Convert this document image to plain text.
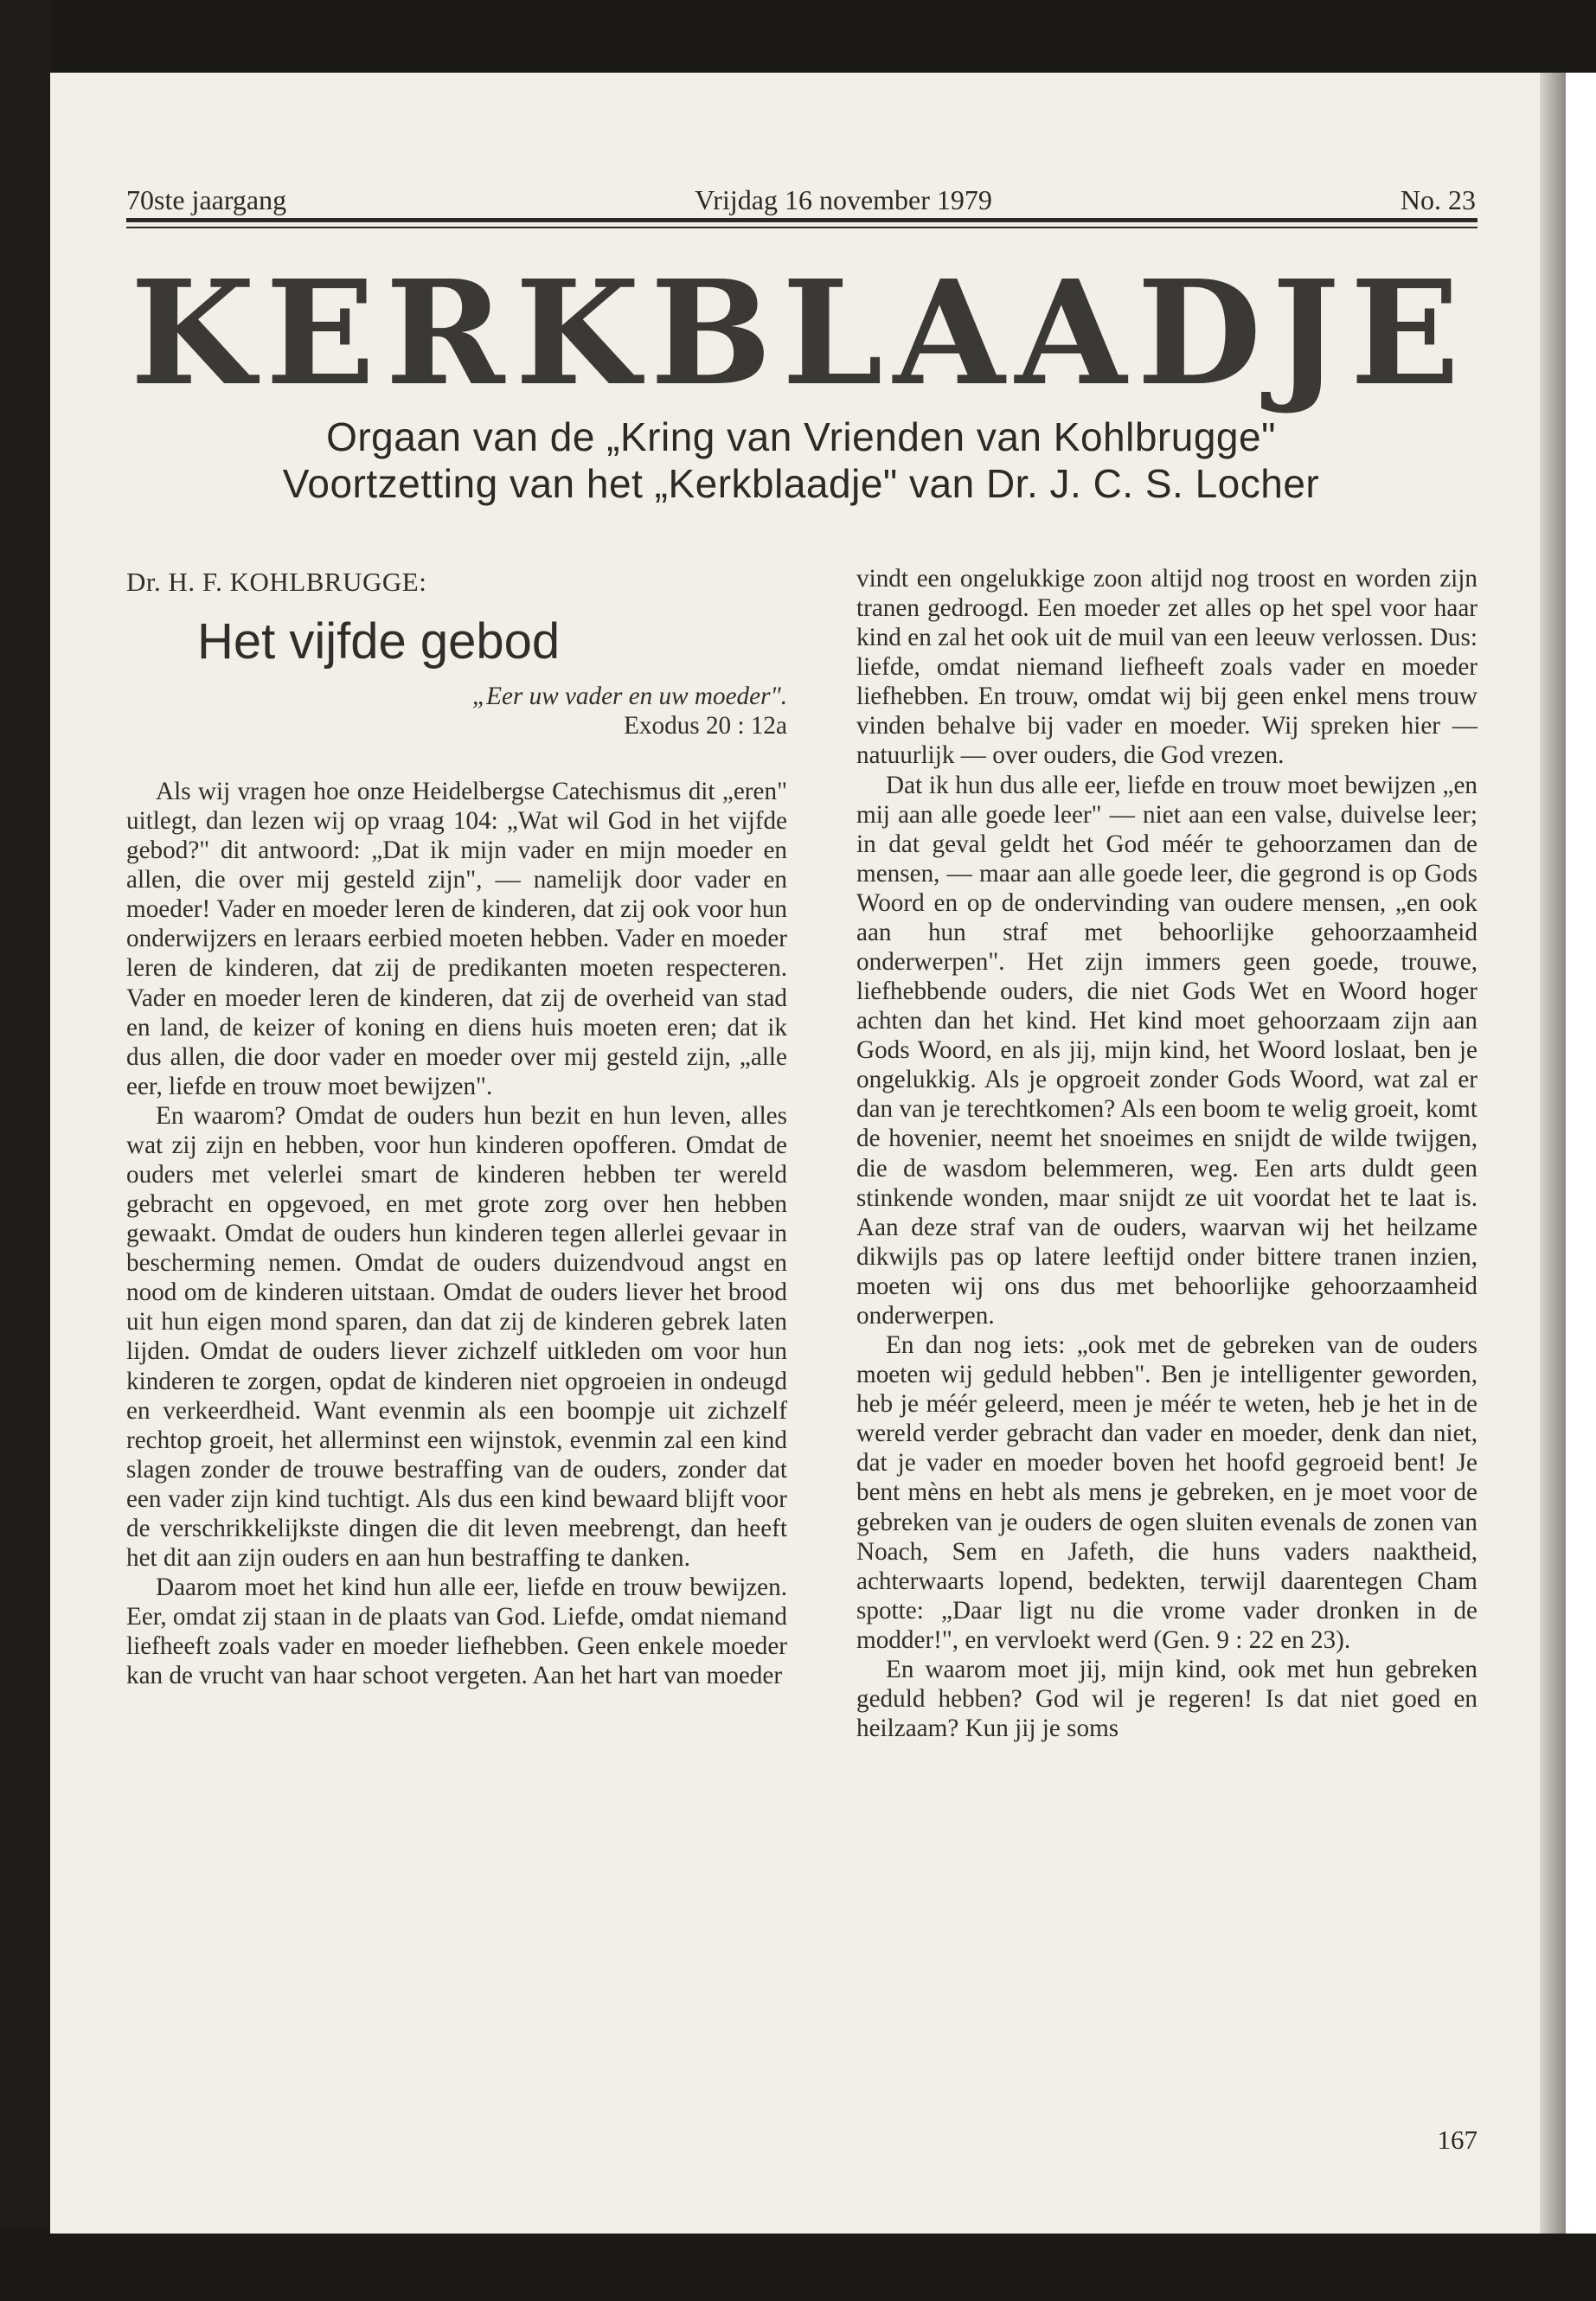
70ste jaargang	Vrijdag 16 november 1979	No. 23
KERKBLAADJE
Orgaan van de „Kring van Vrienden van Kohlbrugge"
Voortzetting van het „Kerkblaadje" van Dr. J. C. S. Locher
Dr. H. F. KOHLBRUGGE:
Het vijfde gebod
„Eer uw vader en uw moeder".
Exodus 20 : 12a

Als wij vragen hoe onze Heidelbergse Catechismus dit „eren" uitlegt, dan lezen wij op vraag 104: „Wat wil God in het vijfde gebod?" dit antwoord: „Dat ik mijn vader en mijn moeder en allen, die over mij gesteld zijn", — namelijk door vader en moeder! Vader en moeder leren de kinderen, dat zij ook voor hun onderwijzers en leraars eerbied moeten hebben. Vader en moeder leren de kinderen, dat zij de predikanten moeten respecteren. Vader en moeder leren de kinderen, dat zij de overheid van stad en land, de keizer of koning en diens huis moeten eren; dat ik dus allen, die door vader en moeder over mij gesteld zijn, „alle eer, liefde en trouw moet bewijzen".

En waarom? Omdat de ouders hun bezit en hun leven, alles wat zij zijn en hebben, voor hun kinderen opofferen. Omdat de ouders met velerlei smart de kinderen hebben ter wereld gebracht en opgevoed, en met grote zorg over hen hebben gewaakt. Omdat de ouders hun kinderen tegen allerlei gevaar in bescherming nemen. Omdat de ouders duizendvoud angst en nood om de kinderen uitstaan. Omdat de ouders liever het brood uit hun eigen mond sparen, dan dat zij de kinderen gebrek laten lijden. Omdat de ouders liever zichzelf uitkleden om voor hun kinderen te zorgen, opdat de kinderen niet opgroeien in ondeugd en verkeerdheid. Want evenmin als een boompje uit zichzelf rechtop groeit, het allerminst een wijnstok, evenmin zal een kind slagen zonder de trouwe bestraffing van de ouders, zonder dat een vader zijn kind tuchtigt. Als dus een kind bewaard blijft voor de verschrikkelijkste dingen die dit leven meebrengt, dan heeft het dit aan zijn ouders en aan hun bestraffing te danken.

Daarom moet het kind hun alle eer, liefde en trouw bewijzen. Eer, omdat zij staan in de plaats van God. Liefde, omdat niemand liefheeft zoals vader en moeder liefhebben. Geen enkele moeder kan de vrucht van haar schoot vergeten. Aan het hart van moeder

vindt een ongelukkige zoon altijd nog troost en worden zijn tranen gedroogd. Een moeder zet alles op het spel voor haar kind en zal het ook uit de muil van een leeuw verlossen. Dus: liefde, omdat niemand liefheeft zoals vader en moeder liefhebben. En trouw, omdat wij bij geen enkel mens trouw vinden behalve bij vader en moeder. Wij spreken hier — natuurlijk — over ouders, die God vrezen.

Dat ik hun dus alle eer, liefde en trouw moet bewijzen „en mij aan alle goede leer" — niet aan een valse, duivelse leer; in dat geval geldt het God méér te gehoorzamen dan de mensen, — maar aan alle goede leer, die gegrond is op Gods Woord en op de ondervinding van oudere mensen, „en ook aan hun straf met behoorlijke gehoorzaamheid onderwerpen". Het zijn immers geen goede, trouwe, liefhebbende ouders, die niet Gods Wet en Woord hoger achten dan het kind. Het kind moet gehoorzaam zijn aan Gods Woord, en als jij, mijn kind, het Woord loslaat, ben je ongelukkig. Als je opgroeit zonder Gods Woord, wat zal er dan van je terechtkomen? Als een boom te welig groeit, komt de hovenier, neemt het snoeimes en snijdt de wilde twijgen, die de wasdom belemmeren, weg. Een arts duldt geen stinkende wonden, maar snijdt ze uit voordat het te laat is. Aan deze straf van de ouders, waarvan wij het heilzame dikwijls pas op latere leeftijd onder bittere tranen inzien, moeten wij ons dus met behoorlijke gehoorzaamheid onderwerpen.

En dan nog iets: „ook met de gebreken van de ouders moeten wij geduld hebben". Ben je intelligenter geworden, heb je méér geleerd, meen je méér te weten, heb je het in de wereld verder gebracht dan vader en moeder, denk dan niet, dat je vader en moeder boven het hoofd gegroeid bent! Je bent mèns en hebt als mens je gebreken, en je moet voor de gebreken van je ouders de ogen sluiten evenals de zonen van Noach, Sem en Jafeth, die huns vaders naaktheid, achterwaarts lopend, bedekten, terwijl daarentegen Cham spotte: „Daar ligt nu die vrome vader dronken in de modder!", en vervloekt werd (Gen. 9 : 22 en 23).

En waarom moet jij, mijn kind, ook met hun gebreken geduld hebben? God wil je regeren! Is dat niet goed en heilzaam? Kun jij je soms

167
